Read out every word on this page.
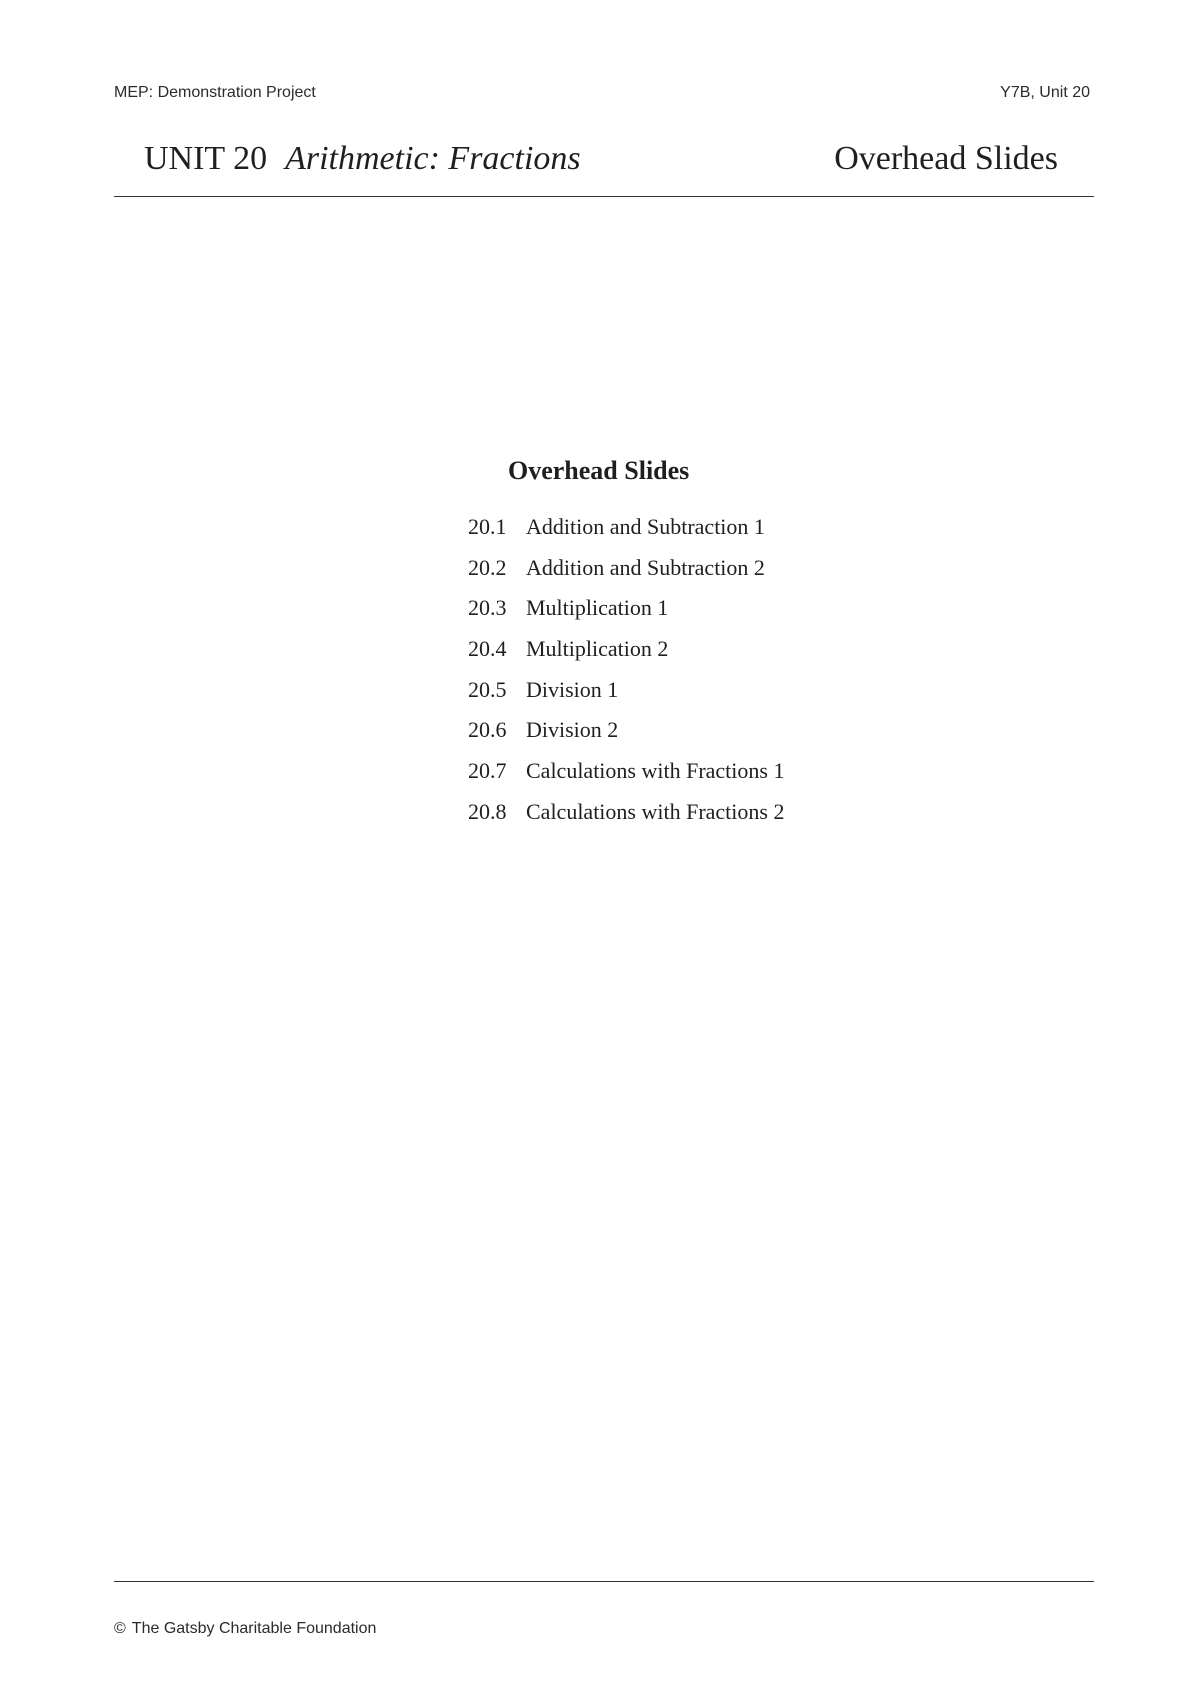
MEP: Demonstration Project	Y7B, Unit 20
UNIT 20 Arithmetic: Fractions	Overhead Slides
Overhead Slides
20.1 Addition and Subtraction 1
20.2 Addition and Subtraction 2
20.3 Multiplication 1
20.4 Multiplication 2
20.5 Division 1
20.6 Division 2
20.7 Calculations with Fractions 1
20.8 Calculations with Fractions 2
© The Gatsby Charitable Foundation
